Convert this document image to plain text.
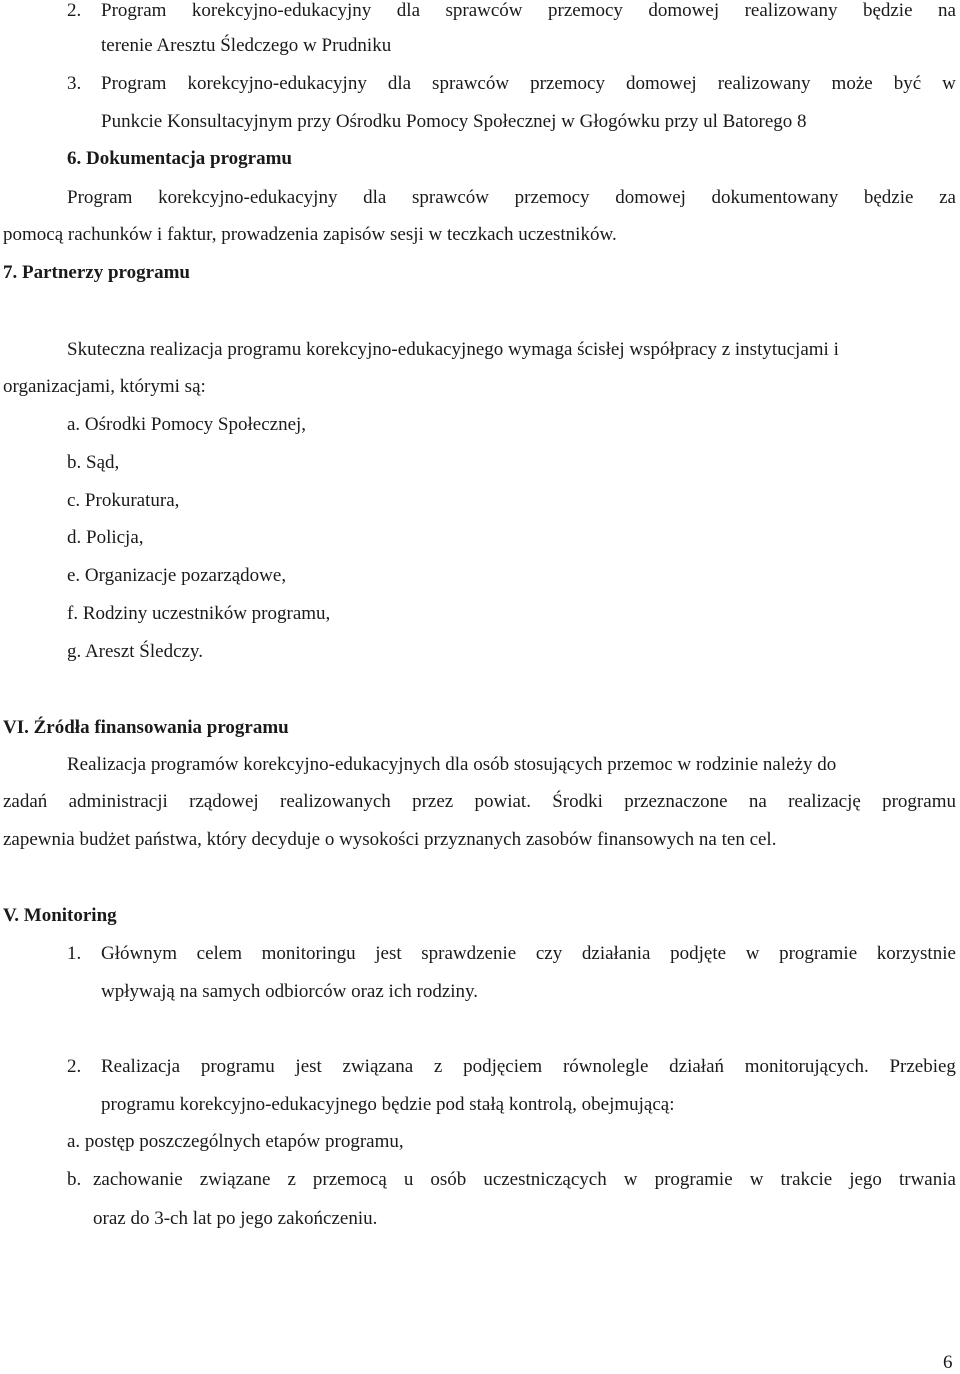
2. Program korekcyjno-edukacyjny dla sprawców przemocy domowej realizowany będzie na
terenie Aresztu Śledczego w Prudniku
3. Program korekcyjno-edukacyjny dla sprawców przemocy domowej realizowany może być w
Punkcie Konsultacyjnym przy Ośrodku Pomocy Społecznej w Głogówku przy ul Batorego 8
6. Dokumentacja programu
Program korekcyjno-edukacyjny dla sprawców przemocy domowej dokumentowany będzie za
pomocą rachunków i faktur, prowadzenia zapisów sesji w teczkach uczestników.
7. Partnerzy programu
Skuteczna realizacja programu korekcyjno-edukacyjnego wymaga ścisłej współpracy z instytucjami i
organizacjami, którymi są:
a. Ośrodki Pomocy Społecznej,
b. Sąd,
c. Prokuratura,
d. Policja,
e. Organizacje pozarządowe,
f. Rodziny uczestników programu,
g. Areszt Śledczy.
VI. Źródła finansowania programu
Realizacja programów korekcyjno-edukacyjnych dla osób stosujących przemoc w rodzinie należy do
zadań administracji rządowej realizowanych przez powiat. Środki przeznaczone na realizację programu
zapewnia budżet państwa, który decyduje o wysokości przyznanych zasobów finansowych na ten cel.
V. Monitoring
1. Głównym celem monitoringu jest sprawdzenie czy działania podjęte w programie korzystnie
wpływają na samych odbiorców oraz ich rodziny.
2. Realizacja programu jest związana z podjęciem równolegle działań monitorujących. Przebieg
programu korekcyjno-edukacyjnego będzie pod stałą kontrolą, obejmującą:
a. postęp poszczególnych etapów programu,
b. zachowanie związane z przemocą u osób uczestniczących w programie w trakcie jego trwania
oraz do 3-ch lat po jego zakończeniu.
6
